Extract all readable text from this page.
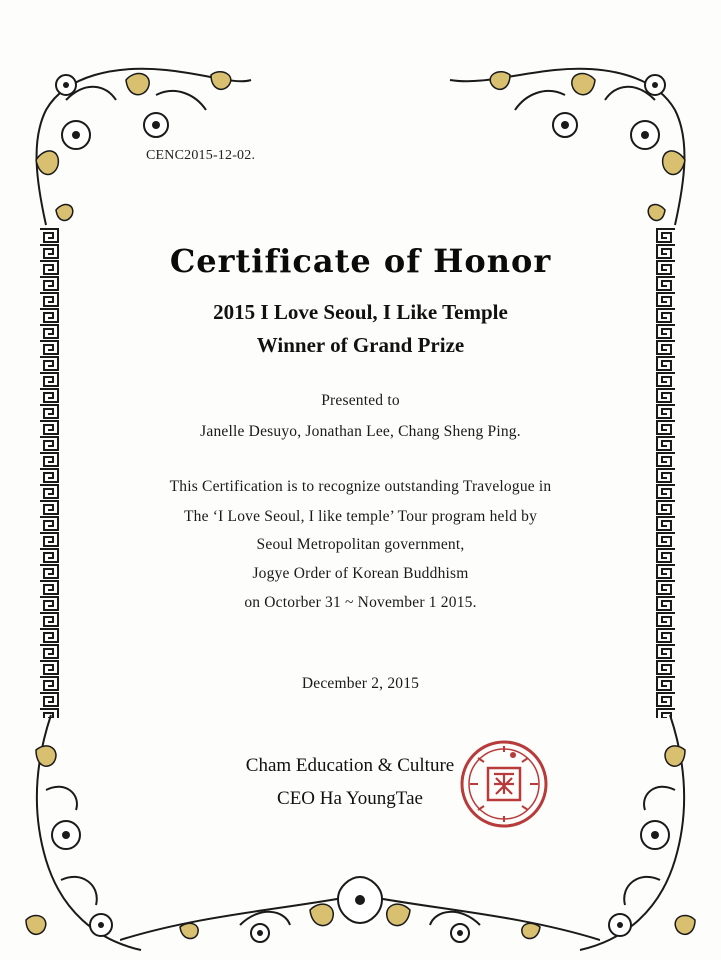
CENC2015-12-02.
Certificate of Honor
2015 I Love Seoul, I Like Temple
Winner of Grand Prize
Presented to
Janelle Desuyo, Jonathan Lee, Chang Sheng Ping.
This Certification is to recognize outstanding Travelogue in
The ‘I Love Seoul, I like temple’ Tour program held by
Seoul Metropolitan government,
Jogye Order of Korean Buddhism
on Octorber 31 ~ November 1 2015.
December 2, 2015
Cham Education & Culture
CEO Ha YoungTae
